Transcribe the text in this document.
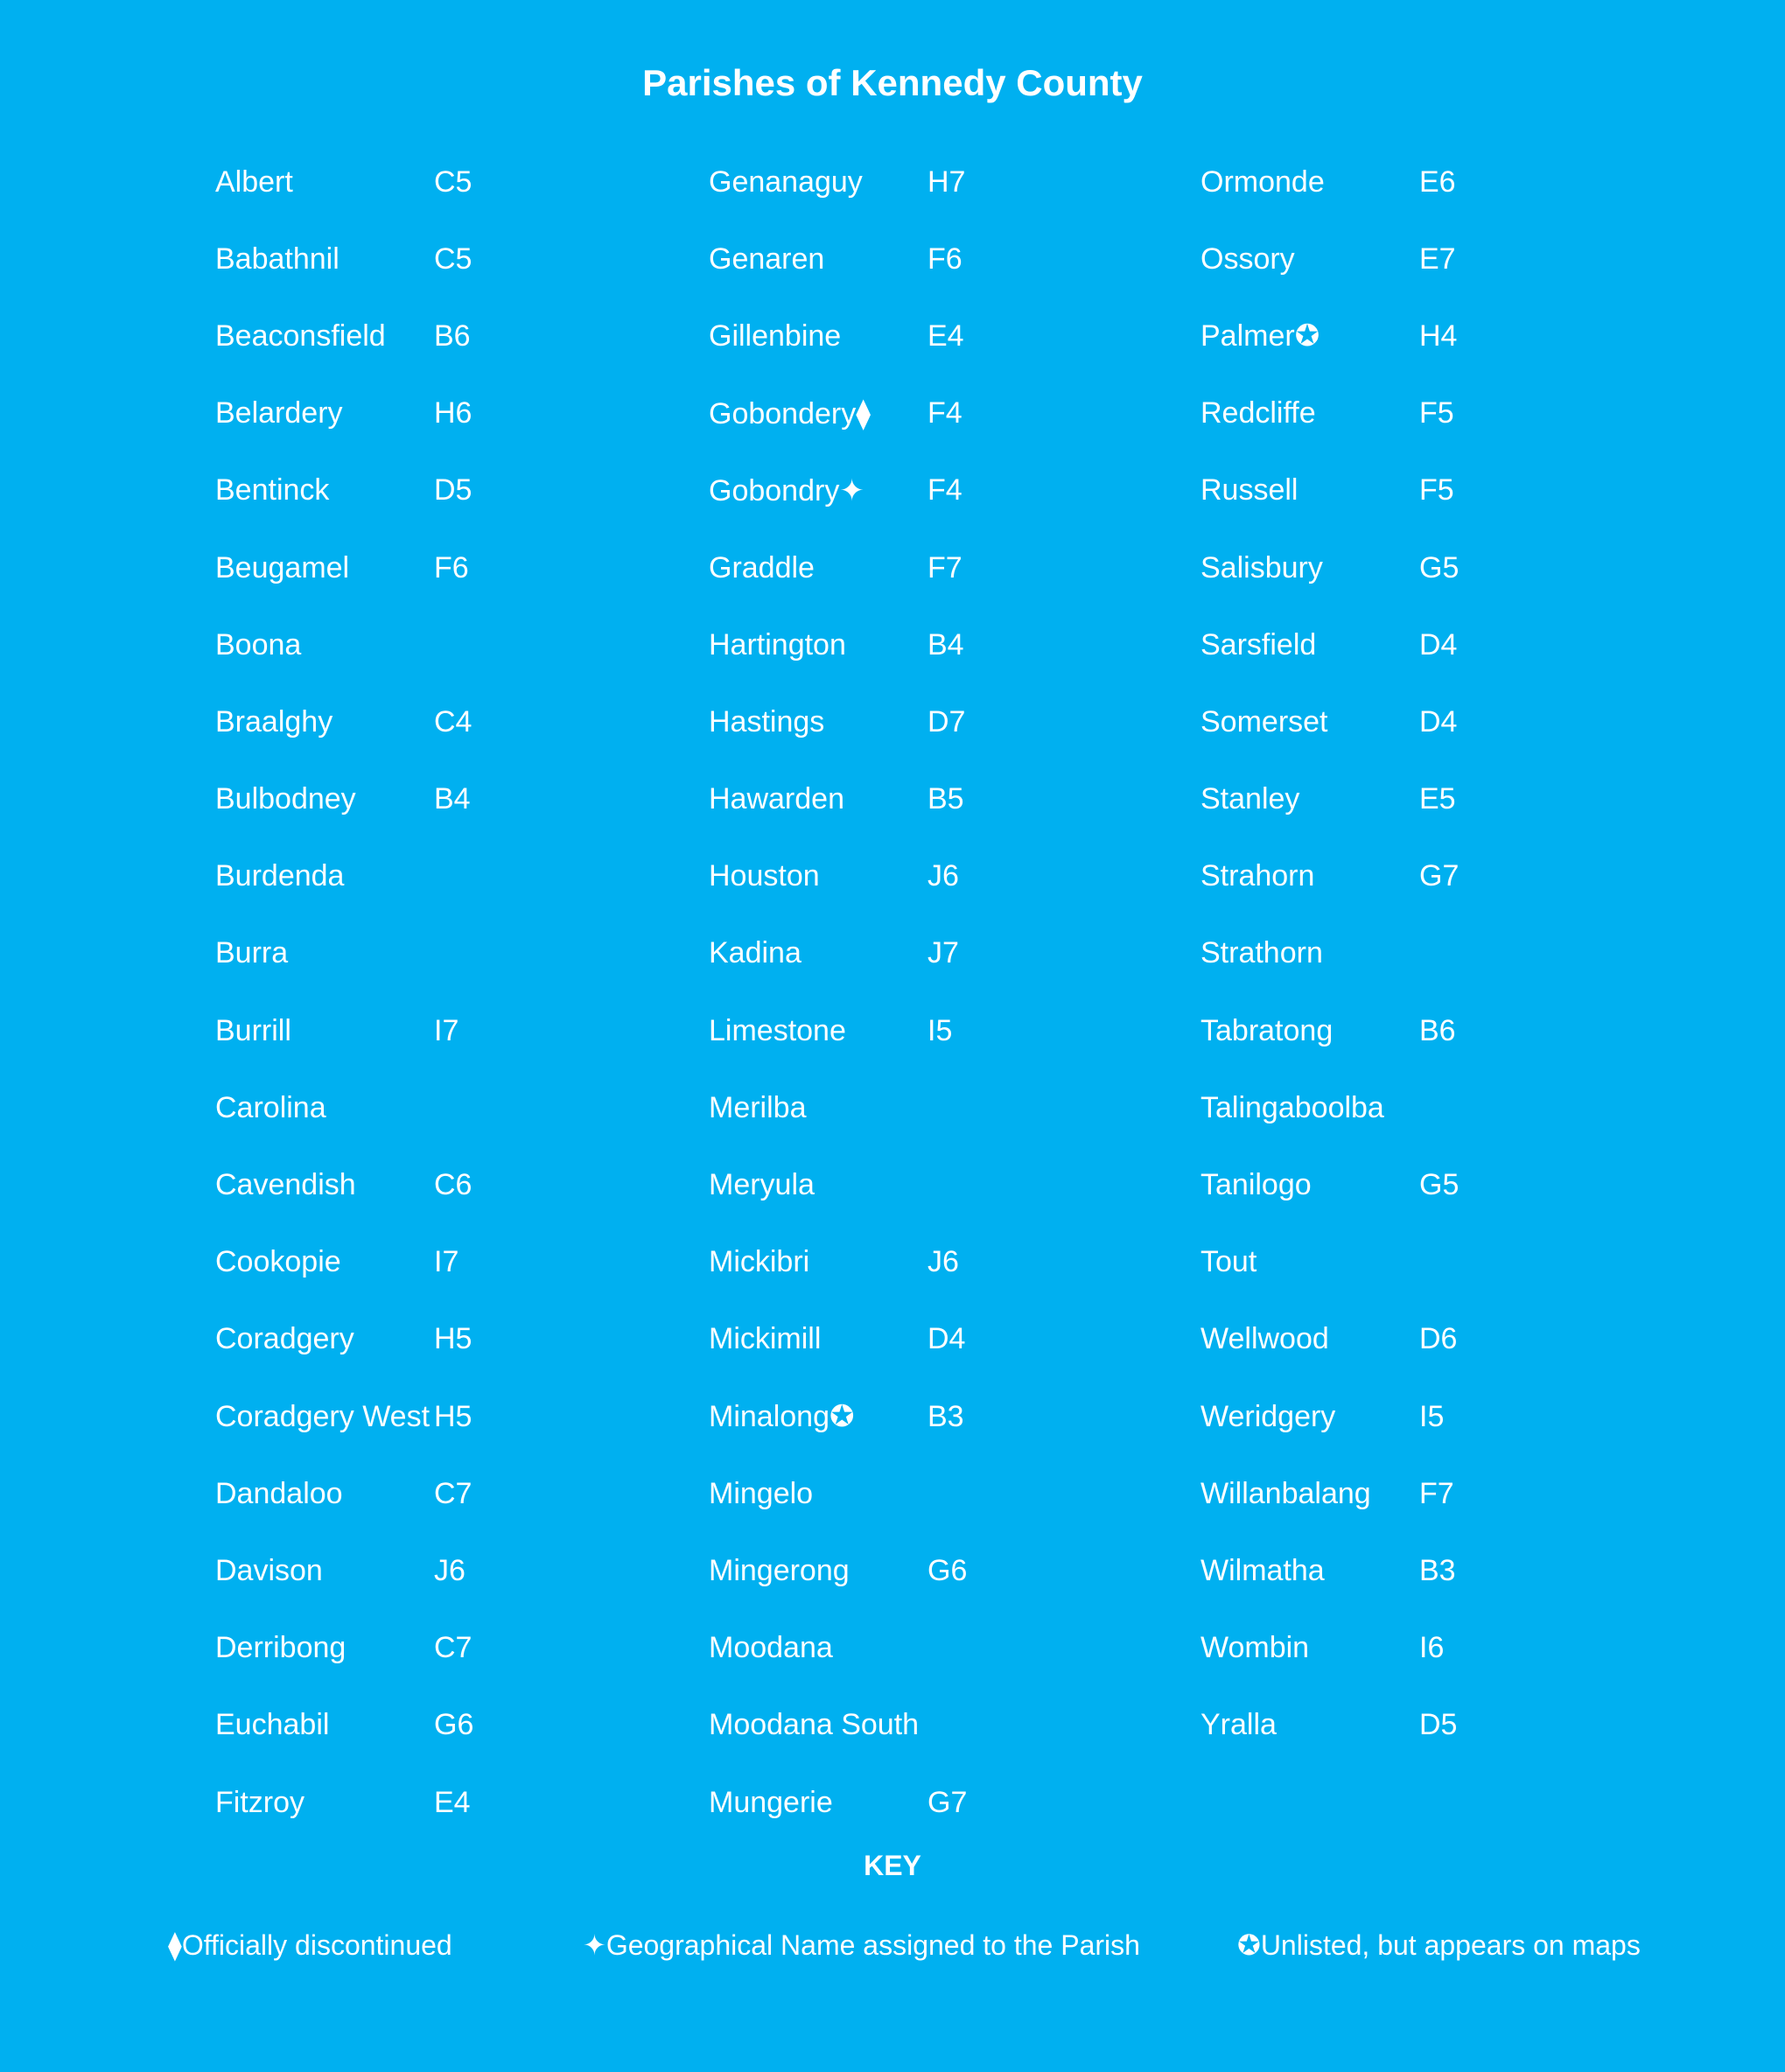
Parishes of Kennedy County
Albert	C5
Babathnil	C5
Beaconsfield	B6
Belardery	H6
Bentinck	D5
Beugamel	F6
Boona
Braalghy	C4
Bulbodney	B4
Burdenda
Burra
Burrill	I7
Carolina
Cavendish	C6
Cookopie	I7
Coradgery	H5
Coradgery West H5
Dandaloo	C7
Davison	J6
Derribong	C7
Euchabil	G6
Fitzroy	E4
Genanaguy	H7
Genaren	F6
Gillenbine	E4
Gobondery⧫	F4
Gobondry✦	F4
Graddle	F7
Hartington	B4
Hastings	D7
Hawarden	B5
Houston	J6
Kadina	J7
Limestone	I5
Merilba
Meryula
Mickibri	J6
Mickimill	D4
Minalong✪	B3
Mingelo
Mingerong	G6
Moodana
Moodana South
Mungerie	G7
Ormonde	E6
Ossory	E7
Palmer✪	H4
Redcliffe	F5
Russell	F5
Salisbury	G5
Sarsfield	D4
Somerset	D4
Stanley	E5
Strahorn	G7
Strathorn
Tabratong	B6
Talingaboolba
Tanilogo	G5
Tout
Wellwood	D6
Weridgery	I5
Willanbalang	F7
Wilmatha	B3
Wombin	I6
Yralla	D5
KEY
⧫Officially discontinued	✦Geographical Name assigned to the Parish	✪Unlisted, but appears on maps
